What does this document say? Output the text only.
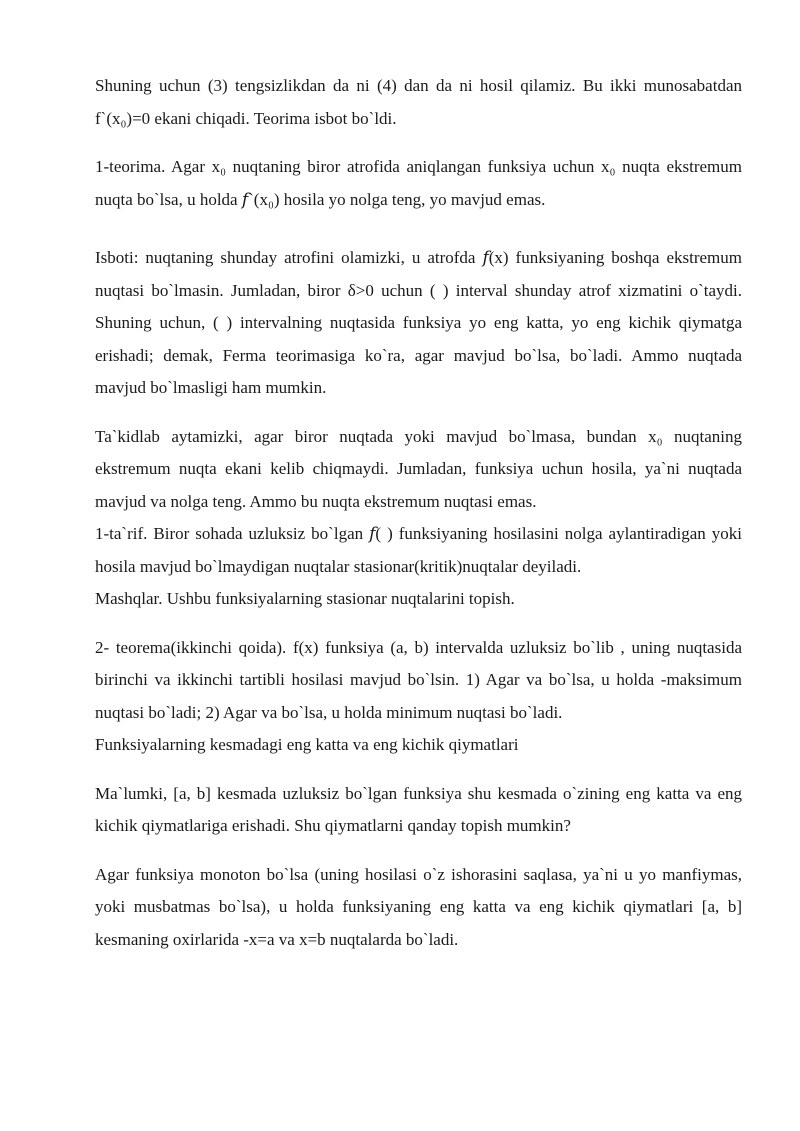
Shuning uchun (3) tengsizlikdan da ni (4) dan da ni hosil qilamiz. Bu ikki munosabatdan f`(x₀)=0 ekani chiqadi. Teorima isbot bo`ldi.

1-teorima. Agar x₀ nuqtaning biror atrofida aniqlangan funksiya uchun x₀ nuqta ekstremum nuqta bo`lsa, u holda 𝑓`(x₀) hosila yo nolga teng, yo mavjud emas.

Isboti: nuqtaning shunday atrofini olamizki, u atrofda 𝑓(x) funksiyaning boshqa ekstremum nuqtasi bo`lmasin. Jumladan, biror δ>0 uchun ( ) interval shunday atrof xizmatini o`taydi. Shuning uchun, ( ) intervalning nuqtasida funksiya yo eng katta, yo eng kichik qiymatga erishadi; demak, Ferma teorimasiga ko`ra, agar mavjud bo`lsa, bo`ladi. Ammo nuqtada mavjud bo`lmasligi ham mumkin.

Ta`kidlab aytamizki, agar biror nuqtada yoki mavjud bo`lmasa, bundan x₀ nuqtaning ekstremum nuqta ekani kelib chiqmaydi. Jumladan, funksiya uchun hosila, ya`ni nuqtada mavjud va nolga teng. Ammo bu nuqta ekstremum nuqtasi emas.

1-ta`rif. Biror sohada uzluksiz bo`lgan 𝑓( ) funksiyaning hosilasini nolga aylantiradigan yoki hosila mavjud bo`lmaydigan nuqtalar stasionar(kritik)nuqtalar deyiladi.

Mashqlar. Ushbu funksiyalarning stasionar nuqtalarini topish.

2- teorema(ikkinchi qoida). f(x) funksiya (a, b) intervalda uzluksiz bo`lib , uning nuqtasida birinchi va ikkinchi tartibli hosilasi mavjud bo`lsin. 1) Agar va bo`lsa, u holda -maksimum nuqtasi bo`ladi; 2) Agar va bo`lsa, u holda minimum nuqtasi bo`ladi.

Funksiyalarning kesmadagi eng katta va eng kichik qiymatlari

Ma`lumki, [a, b] kesmada uzluksiz bo`lgan funksiya shu kesmada o`zining eng katta va eng kichik qiymatlariga erishadi. Shu qiymatlarni qanday topish mumkin?

Agar funksiya monoton bo`lsa (uning hosilasi o`z ishorasini saqlasa, ya`ni u yo manfiymas, yoki musbatmas bo`lsa), u holda funksiyaning eng katta va eng kichik qiymatlari [a, b] kesmaning oxirlarida -x=a va x=b nuqtalarda bo`ladi.
